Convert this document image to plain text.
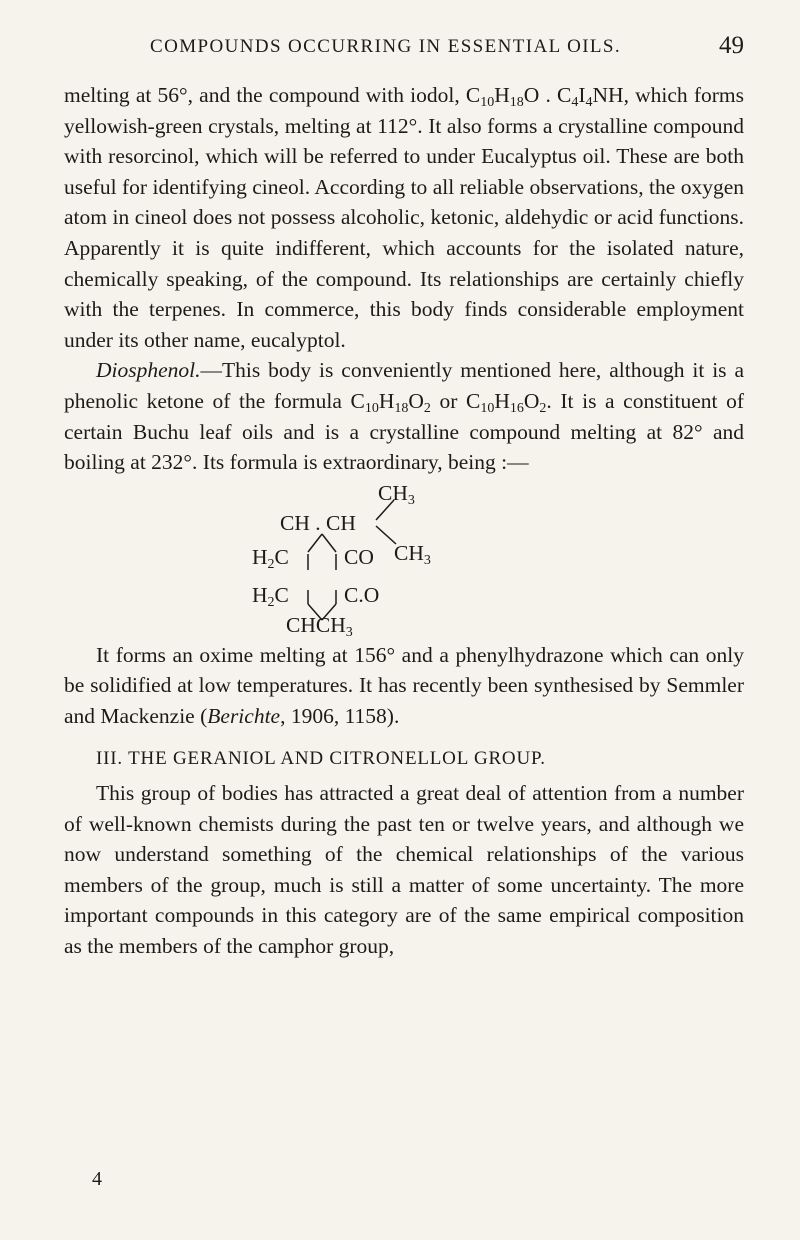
COMPOUNDS OCCURRING IN ESSENTIAL OILS.	49

melting at 56°, and the compound with iodol, $C_{10}H_{18}O$ . $C_4I_4NH$, which forms yellowish-green crystals, melting at 112°. It also forms a crystalline compound with resorcinol, which will be referred to under Eucalyptus oil. These are both useful for identifying cineol. According to all reliable observations, the oxygen atom in cineol does not possess alcoholic, ketonic, aldehydic or acid functions. Apparently it is quite indifferent, which accounts for the isolated nature, chemically speaking, of the compound. Its relationships are certainly chiefly with the terpenes. In commerce, this body finds considerable employment under its other name, eucalyptol.

Diosphenol.—This body is conveniently mentioned here, although it is a phenolic ketone of the formula $C_{10}H_{18}O_2$ or $C_{10}H_{16}O_2$. It is a constituent of certain Buchu leaf oils and is a crystalline compound melting at 82° and boiling at 232°. Its formula is extraordinary, being :—

$CH_3$
CH . CH
$CH_3$
$H_2C$	CO
$H_2C$	C.O
$CHCH_3$

It forms an oxime melting at 156° and a phenylhydrazone which can only be solidified at low temperatures. It has recently been synthesised by Semmler and Mackenzie (Berichte, 1906, 1158).

III. THE GERANIOL AND CITRONELLOL GROUP.

This group of bodies has attracted a great deal of attention from a number of well-known chemists during the past ten or twelve years, and although we now understand something of the chemical relationships of the various members of the group, much is still a matter of some uncertainty. The more important compounds in this category are of the same empirical composition as the members of the camphor group,

4
